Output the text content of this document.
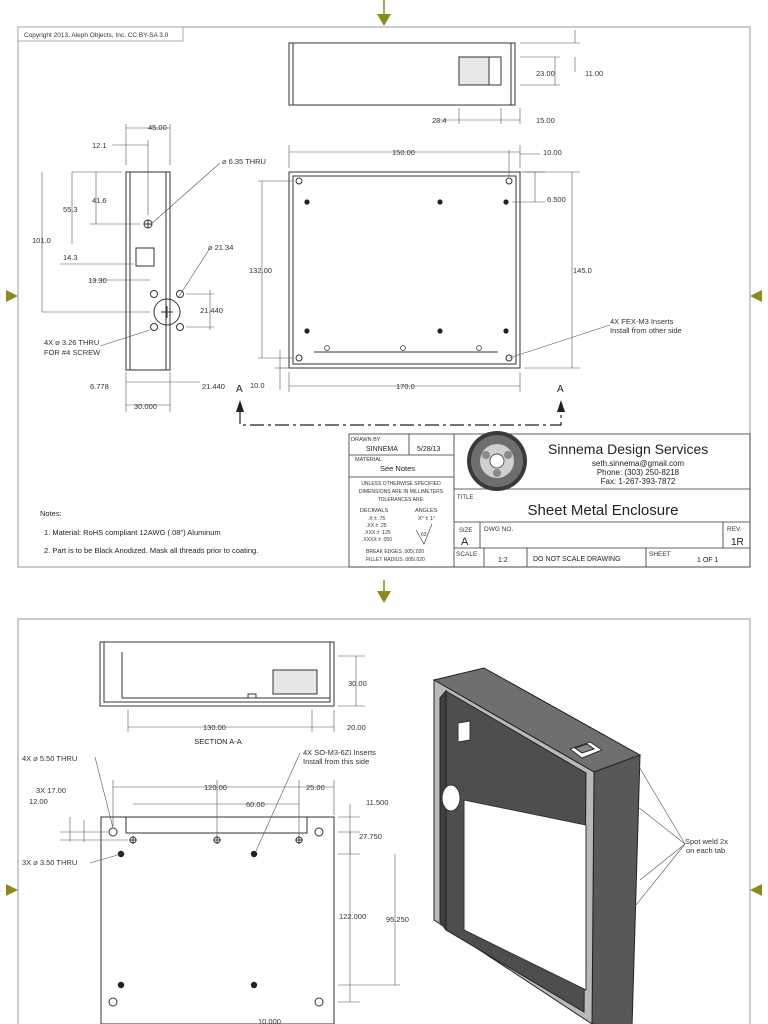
Copyright 2013, Aleph Objects, Inc. CC BY-SA 3.0
23.00	11.00
28.4	15.00
45.00
12.1
41.6
55.3
101.0
14.3
13.30
6.778
30.000
21.440
21.440
⌀ 6.35 THRU
⌀ 21.34
4X ⌀ 3.26 THRU
FOR #4 SCREW
150.00	10.00
6.500
132.00	145.0
10.0	170.0
4X FEX-M3 Inserts
Install from other side
A	A
Notes:
1. Material: RoHS compliant 12AWG (.08") Aluminum
2. Part is to be Black Anodized. Mask all threads prior to coating.
DRAWN BY
SINNEMA	5/28/13
MATERIAL
See Notes
UNLESS OTHERWISE SPECIFIED
DIMENSIONS ARE IN MILLIMETERS
TOLERANCES ARE:
DECIMALS	ANGLES
.X ± .75
.XX ± .25
.XXX ± .125
.XXXX ± .050
X° ± 1°
63
BREAK EDGES .005/.020
FILLET RADIUS .005/.020
Sinnema Design Services
seth.sinnema@gmail.com
Phone: (303) 250-8218
Fax: 1-267-393-7872
TITLE
Sheet Metal Enclosure
SIZE
A
DWG NO.	REV.
1R
SCALE
1:2	DO NOT SCALE DRAWING
SHEET
1 OF 1
30.00
130.00	20.00
SECTION A-A
4X ⌀ 5.50 THRU
4X SO-M3-6ZI Inserts
Install from this side
3X 17.00
12.00
3X ⌀ 3.50 THRU
120.00
60.00
25.00
11.500
27.750
122.000	95.250
10.000
Spot weld 2x
on each tab
